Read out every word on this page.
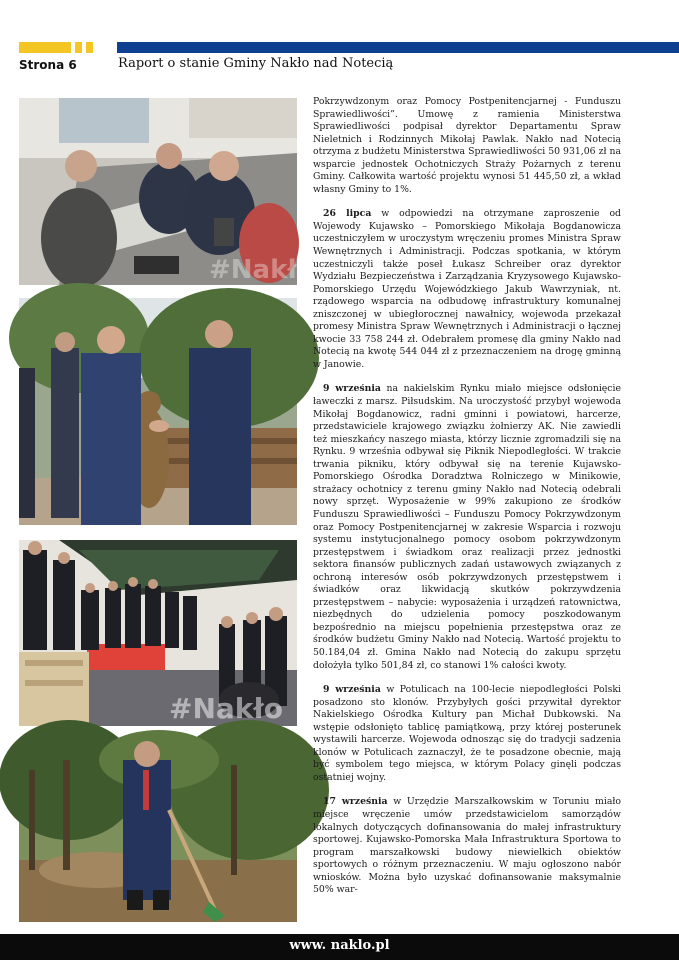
Strona 6	Raport o stanie Gminy Nakło nad Notecią
#Nakło
#Nakło

Pokrzywdzonym oraz Pomocy Postpenitencjarnej - Funduszu Sprawiedliwości”. Umowę z ramienia Ministerstwa Sprawiedliwości podpisał dyrektor Departamentu Spraw Nieletnich i Rodzinnych Mikołaj Pawlak. Nakło nad Notecią otrzyma z budżetu Ministerstwa Sprawiedliwości 50 931,06 zł na wsparcie jednostek Ochotniczych Straży Pożarnych z terenu Gminy. Całkowita wartość projektu wynosi 51 445,50 zł, a wkład własny Gminy to 1%.

26 lipca w odpowiedzi na otrzymane zaproszenie od Wojewody Kujawsko – Pomorskiego Mikołaja Bogdanowicza uczestniczyłem w uroczystym wręczeniu promes Ministra Spraw Wewnętrznych i Administracji. Podczas spotkania, w którym uczestniczyli także poseł Łukasz Schreiber oraz dyrektor Wydziału Bezpieczeństwa i Zarządzania Kryzysowego Kujawsko-Pomorskiego Urzędu Wojewódzkiego Jakub Wawrzyniak, nt. rządowego wsparcia na odbudowę infrastruktury komunalnej zniszczonej w ubiegłorocznej nawałnicy, wojewoda przekazał promesy Ministra Spraw Wewnętrznych i Administracji o łącznej kwocie 33 758 244 zł. Odebrałem promesę dla gminy Nakło nad Notecią na kwotę 544 044 zł z przeznaczeniem na drogę gminną w Janowie.

9 września na nakielskim Rynku miało miejsce odsłonięcie ławeczki z marsz. Piłsudskim. Na uroczystość przybył wojewoda Mikołaj Bogdanowicz, radni gminni i powiatowi, harcerze, przedstawiciele krajowego związku żołnierzy AK. Nie zawiedli też mieszkańcy naszego miasta, którzy licznie zgromadzili się na Rynku. 9 września odbywał się Piknik Niepodległości. W trakcie trwania pikniku, który odbywał się na terenie Kujawsko-Pomorskiego Ośrodka Doradztwa Rolniczego w Minikowie, strażacy ochotnicy z terenu gminy Nakło nad Notecią odebrali nowy sprzęt. Wyposażenie w 99% zakupiono ze środków Funduszu Sprawiedliwości – Funduszu Pomocy Pokrzywdzonym oraz Pomocy Postpenitencjarnej w zakresie Wsparcia i rozwoju systemu instytucjonalnego pomocy osobom pokrzywdzonym przestępstwem i świadkom oraz realizacji przez jednostki sektora finansów publicznych zadań ustawowych związanych z ochroną interesów osób pokrzywdzonych przestępstwem i świadków oraz likwidacją skutków pokrzywdzenia przestępstwem – nabycie: wyposażenia i urządzeń ratownictwa, niezbędnych do udzielenia pomocy poszkodowanym bezpośrednio na miejscu popełnienia przestępstwa oraz ze środków budżetu Gminy Nakło nad Notecią. Wartość projektu to 50.184,04 zł. Gmina Nakło nad Notecią do zakupu sprzętu dołożyła tylko 501,84 zł, co stanowi 1% całości kwoty.

9 września w Potulicach na 100-lecie niepodległości Polski posadzono sto klonów. Przybyłych gości przywitał dyrektor Nakielskiego Ośrodka Kultury pan Michał Dubkowski. Na wstępie odsłonięto tablicę pamiątkową, przy której posterunek wystawili harcerze. Wojewoda odnosząc się do tradycji sadzenia klonów w Potulicach zaznaczył, że te posadzone obecnie, mają być symbolem tego miejsca, w którym Polacy ginęli podczas ostatniej wojny.

17 września w Urzędzie Marszałkowskim w Toruniu miało miejsce wręczenie umów przedstawicielom samorządów lokalnych dotyczących dofinansowania do małej infrastruktury sportowej. Kujawsko-Pomorska Mała Infrastruktura Sportowa to program marszałkowski budowy niewielkich obiektów sportowych o różnym przeznaczeniu. W maju ogłoszono nabór wniosków. Można było uzyskać dofinansowanie maksymalnie 50% war-

www. naklo.pl
